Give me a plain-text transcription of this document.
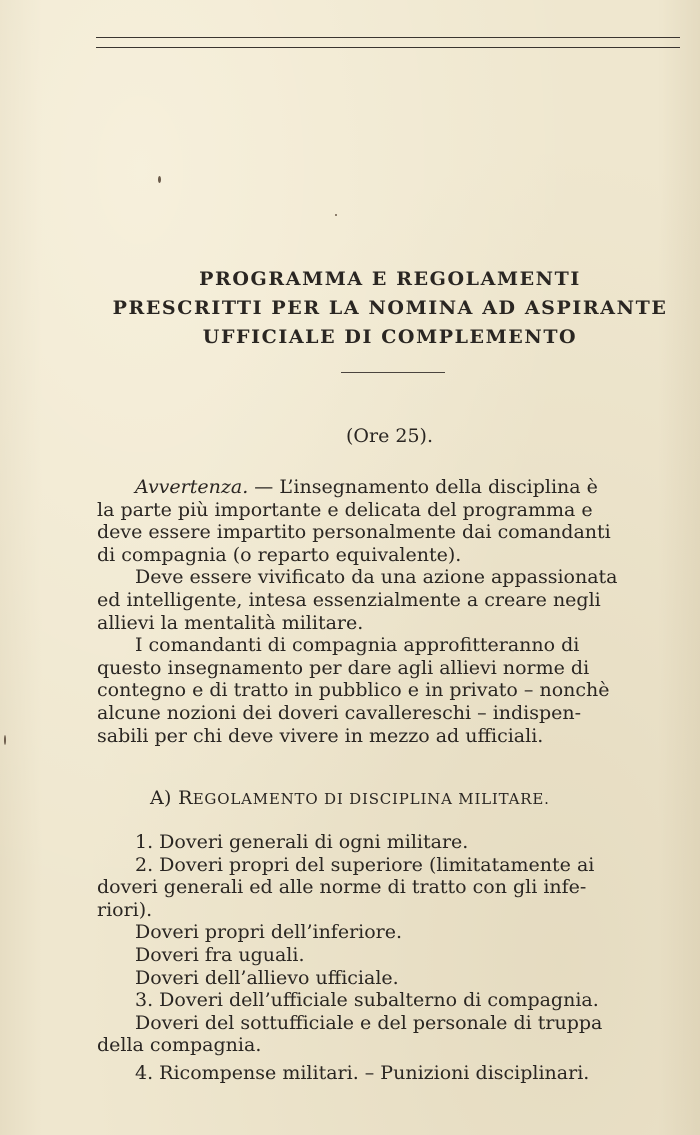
PROGRAMMA E REGOLAMENTI
PRESCRITTI PER LA NOMINA AD ASPIRANTE
UFFICIALE DI COMPLEMENTO
(Ore 25).
Avvertenza. — L’insegnamento della disciplina è
la parte più importante e delicata del programma e
deve essere impartito personalmente dai comandanti
di compagnia (o reparto equivalente).
Deve essere vivificato da una azione appassionata
ed intelligente, intesa essenzialmente a creare negli
allievi la mentalità militare.
I comandanti di compagnia approfitteranno di
questo insegnamento per dare agli allievi norme di
contegno e di tratto in pubblico e in privato – nonchè
alcune nozioni dei doveri cavallereschi – indispen-
sabili per chi deve vivere in mezzo ad ufficiali.
A) REGOLAMENTO DI DISCIPLINA MILITARE.
1. Doveri generali di ogni militare.
2. Doveri propri del superiore (limitatamente ai
doveri generali ed alle norme di tratto con gli infe-
riori).
Doveri propri dell’inferiore.
Doveri fra uguali.
Doveri dell’allievo ufficiale.
3. Doveri dell’ufficiale subalterno di compagnia.
Doveri del sottufficiale e del personale di truppa
della compagnia.
4. Ricompense militari. – Punizioni disciplinari.
